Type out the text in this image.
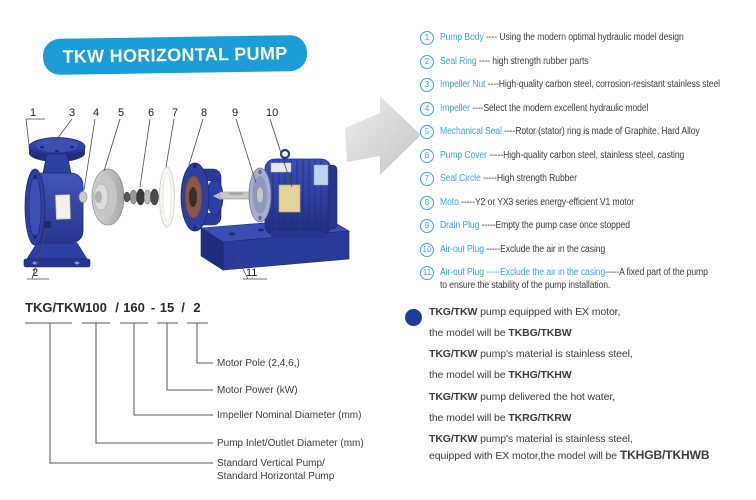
TKW HORIZONTAL PUMP
1	3 4 5 6 7 8 9	10
2	11
1	Pump Body ---- Using the modern optimal hydraulic model design

2	Seal Ring ---- high strength rubber parts

3	Impeller Nut ----High-quality carbon steel, corrosion-resistant stainless steel

4	Impeller ----Select the modern excellent hydraulic model

5	Mechanical Seal ----Rotor (stator) ring is made of Graphite, Hard Alloy

6	Pump Cover -----High-quality carbon steel, stainless steel, casting

7	Seal Circle -----High strength Rubber

8	Moto -----Y2 or YX3 series energy-efficient V1 motor

9	Drain Plug -----Empty the pump case once stopped

10 Air-out Plug -----Exclude the air in the casing

11 Air-out Plug -----Exclude the air in the casing-----A fixed part of the pump to ensure the stability of the pump installation.

TKG/TKW 100 / 160 - 15 / 2
Motor Pole (2,4,6,)
Motor Power (kW)
Impeller Nominal Diameter (mm)
Pump Inlet/Outlet Diameter (mm)
Standard Vertical Pump/
Standard Horizontal Pump
TKG/TKW pump equipped with EX motor,
the model will be TKBG/TKBW
TKG/TKW pump's material is stainless steel,
the model will be TKHG/TKHW
TKG/TKW pump delivered the hot water,
the model will be TKRG/TKRW
TKG/TKW pump's material is stainless steel,
equipped with EX motor,the model will be TKHGB/TKHWB
